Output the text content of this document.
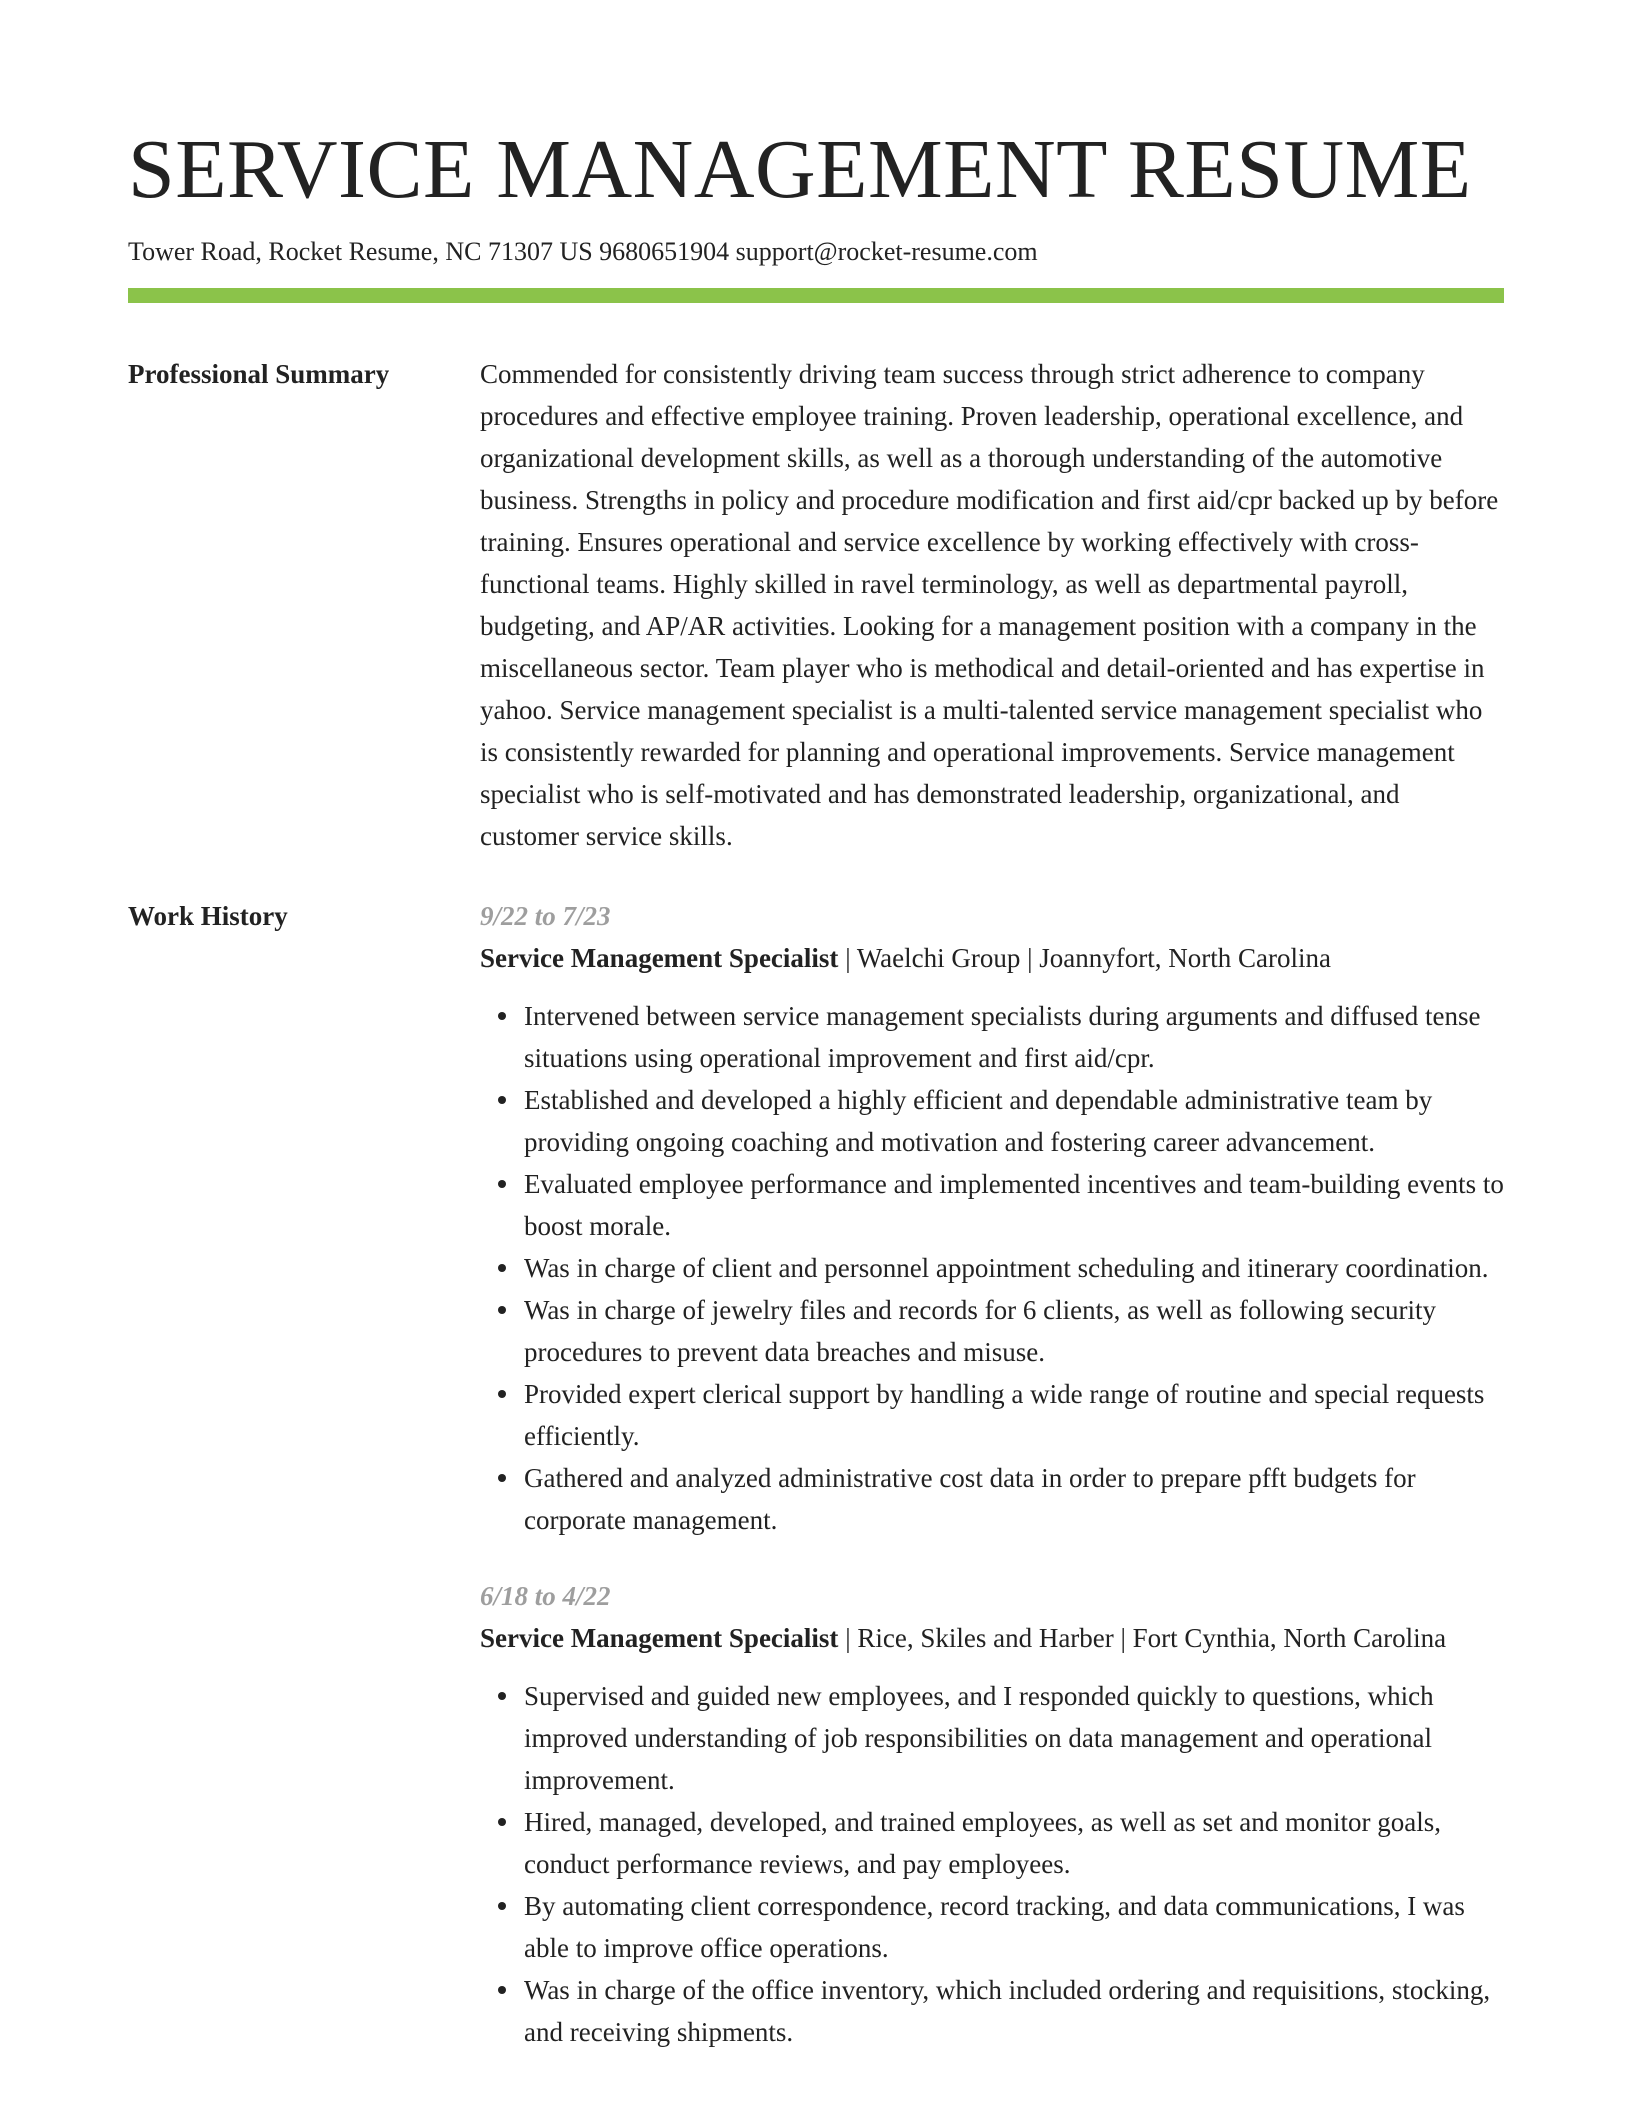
SERVICE MANAGEMENT RESUME
Tower Road, Rocket Resume, NC 71307 US 9680651904 support@rocket-resume.com
Professional Summary	Commended for consistently driving team success through strict adherence to company procedures and effective employee training. Proven leadership, operational excellence, and organizational development skills, as well as a thorough understanding of the automotive business. Strengths in policy and procedure modification and first aid/cpr backed up by before training. Ensures operational and service excellence by working effectively with cross-functional teams. Highly skilled in ravel terminology, as well as departmental payroll, budgeting, and AP/AR activities. Looking for a management position with a company in the miscellaneous sector. Team player who is methodical and detail-oriented and has expertise in yahoo. Service management specialist is a multi-talented service management specialist who is consistently rewarded for planning and operational improvements. Service management specialist who is self-motivated and has demonstrated leadership, organizational, and customer service skills.

Work History	9/22 to 7/23

Service Management Specialist | Waelchi Group | Joannyfort, North Carolina

Intervened between service management specialists during arguments and diffused tense situations using operational improvement and first aid/cpr.
Established and developed a highly efficient and dependable administrative team by providing ongoing coaching and motivation and fostering career advancement.
Evaluated employee performance and implemented incentives and team-building events to boost morale.
Was in charge of client and personnel appointment scheduling and itinerary coordination.
Was in charge of jewelry files and records for 6 clients, as well as following security procedures to prevent data breaches and misuse.
Provided expert clerical support by handling a wide range of routine and special requests efficiently.
Gathered and analyzed administrative cost data in order to prepare pfft budgets for corporate management.
6/18 to 4/22

Service Management Specialist | Rice, Skiles and Harber | Fort Cynthia, North Carolina

Supervised and guided new employees, and I responded quickly to questions, which improved understanding of job responsibilities on data management and operational improvement.
Hired, managed, developed, and trained employees, as well as set and monitor goals, conduct performance reviews, and pay employees.
By automating client correspondence, record tracking, and data communications, I was able to improve office operations.
Was in charge of the office inventory, which included ordering and requisitions, stocking, and receiving shipments.
